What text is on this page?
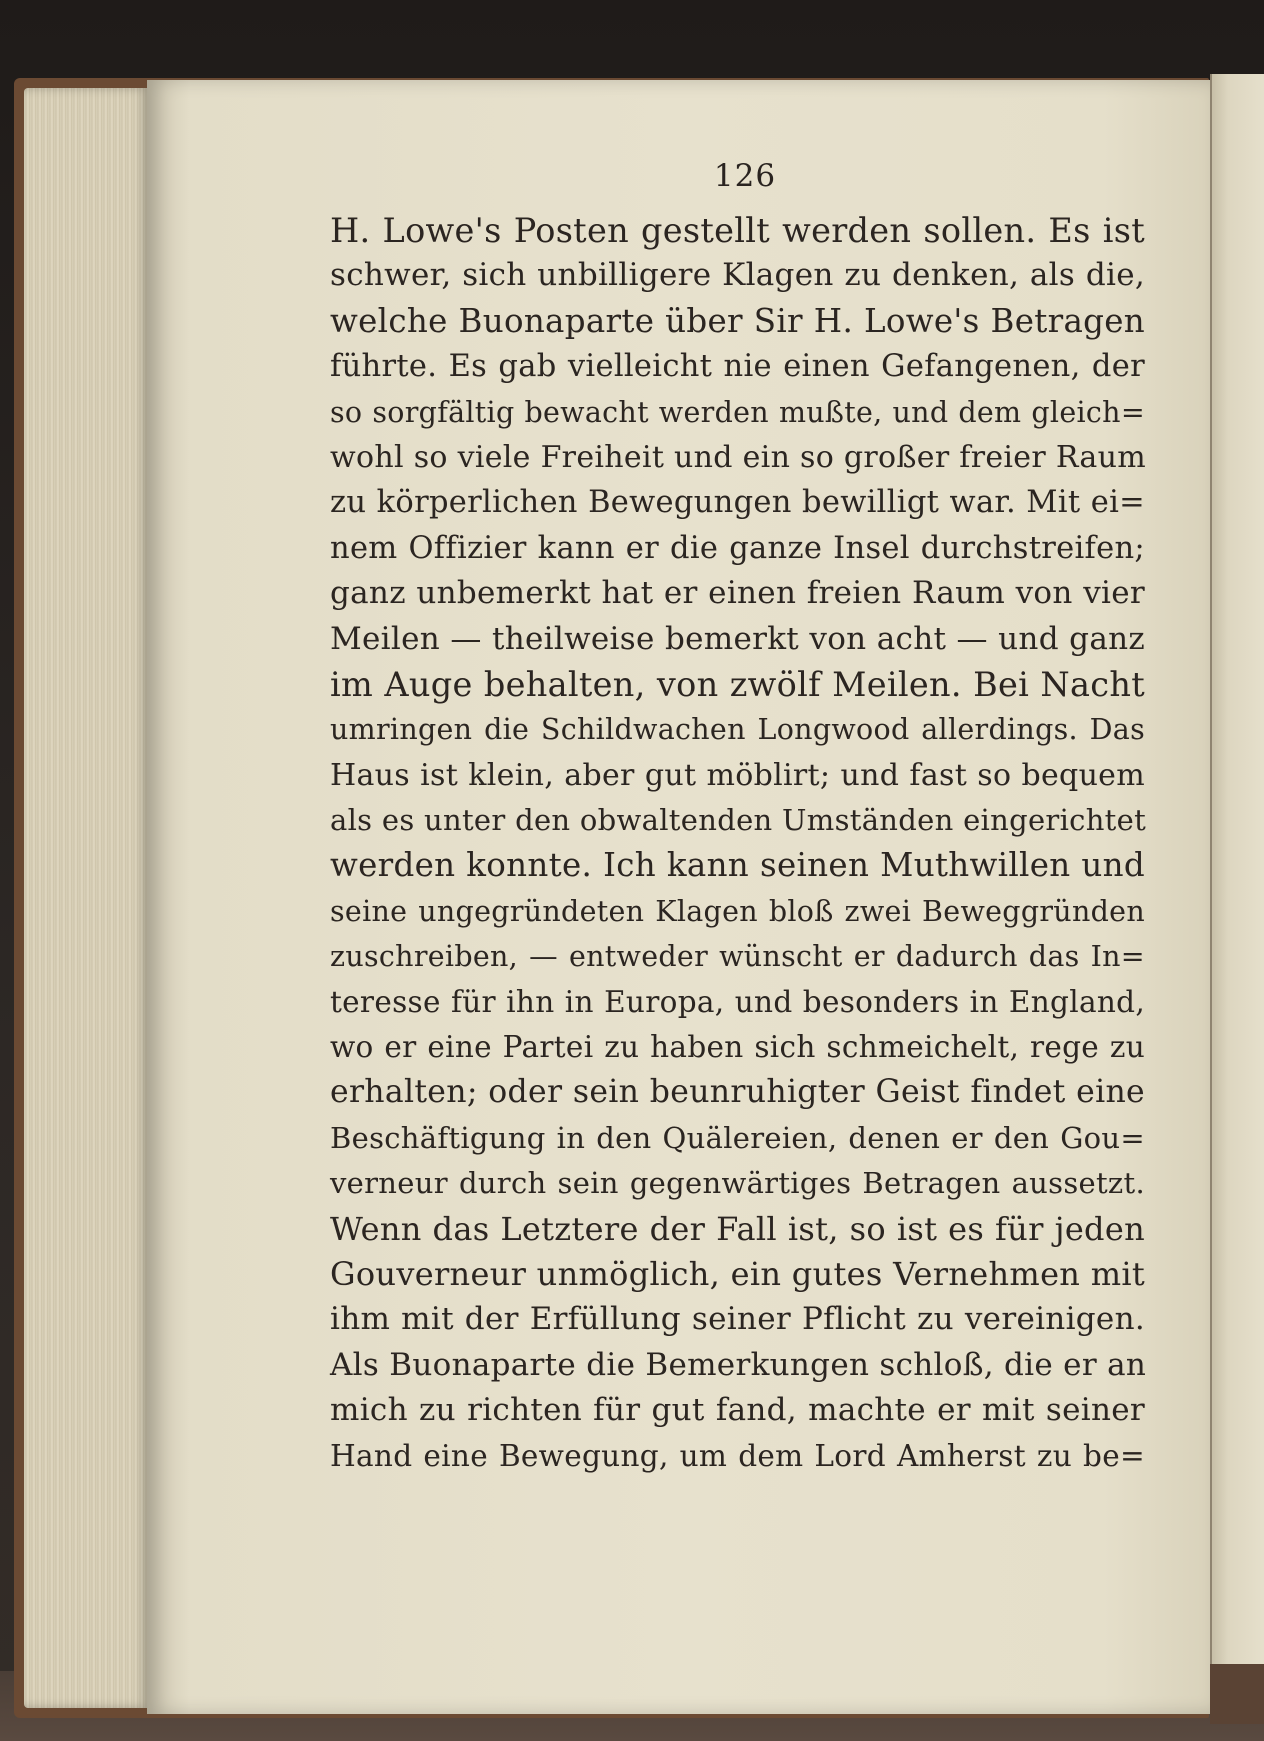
126
H. Lowe's Posten gestellt werden sollen. Es ist
schwer, sich unbilligere Klagen zu denken, als die,
welche Buonaparte über Sir H. Lowe's Betragen
führte. Es gab vielleicht nie einen Gefangenen, der
so sorgfältig bewacht werden mußte, und dem gleich=
wohl so viele Freiheit und ein so großer freier Raum
zu körperlichen Bewegungen bewilligt war. Mit ei=
nem Offizier kann er die ganze Insel durchstreifen;
ganz unbemerkt hat er einen freien Raum von vier
Meilen — theilweise bemerkt von acht — und ganz
im Auge behalten, von zwölf Meilen. Bei Nacht
umringen die Schildwachen Longwood allerdings. Das
Haus ist klein, aber gut möblirt; und fast so bequem
als es unter den obwaltenden Umständen eingerichtet
werden konnte. Ich kann seinen Muthwillen und
seine ungegründeten Klagen bloß zwei Beweggründen
zuschreiben, — entweder wünscht er dadurch das In=
teresse für ihn in Europa, und besonders in England,
wo er eine Partei zu haben sich schmeichelt, rege zu
erhalten; oder sein beunruhigter Geist findet eine
Beschäftigung in den Quälereien, denen er den Gou=
verneur durch sein gegenwärtiges Betragen aussetzt.
Wenn das Letztere der Fall ist, so ist es für jeden
Gouverneur unmöglich, ein gutes Vernehmen mit
ihm mit der Erfüllung seiner Pflicht zu vereinigen.
Als Buonaparte die Bemerkungen schloß, die er an
mich zu richten für gut fand, machte er mit seiner
Hand eine Bewegung, um dem Lord Amherst zu be=
